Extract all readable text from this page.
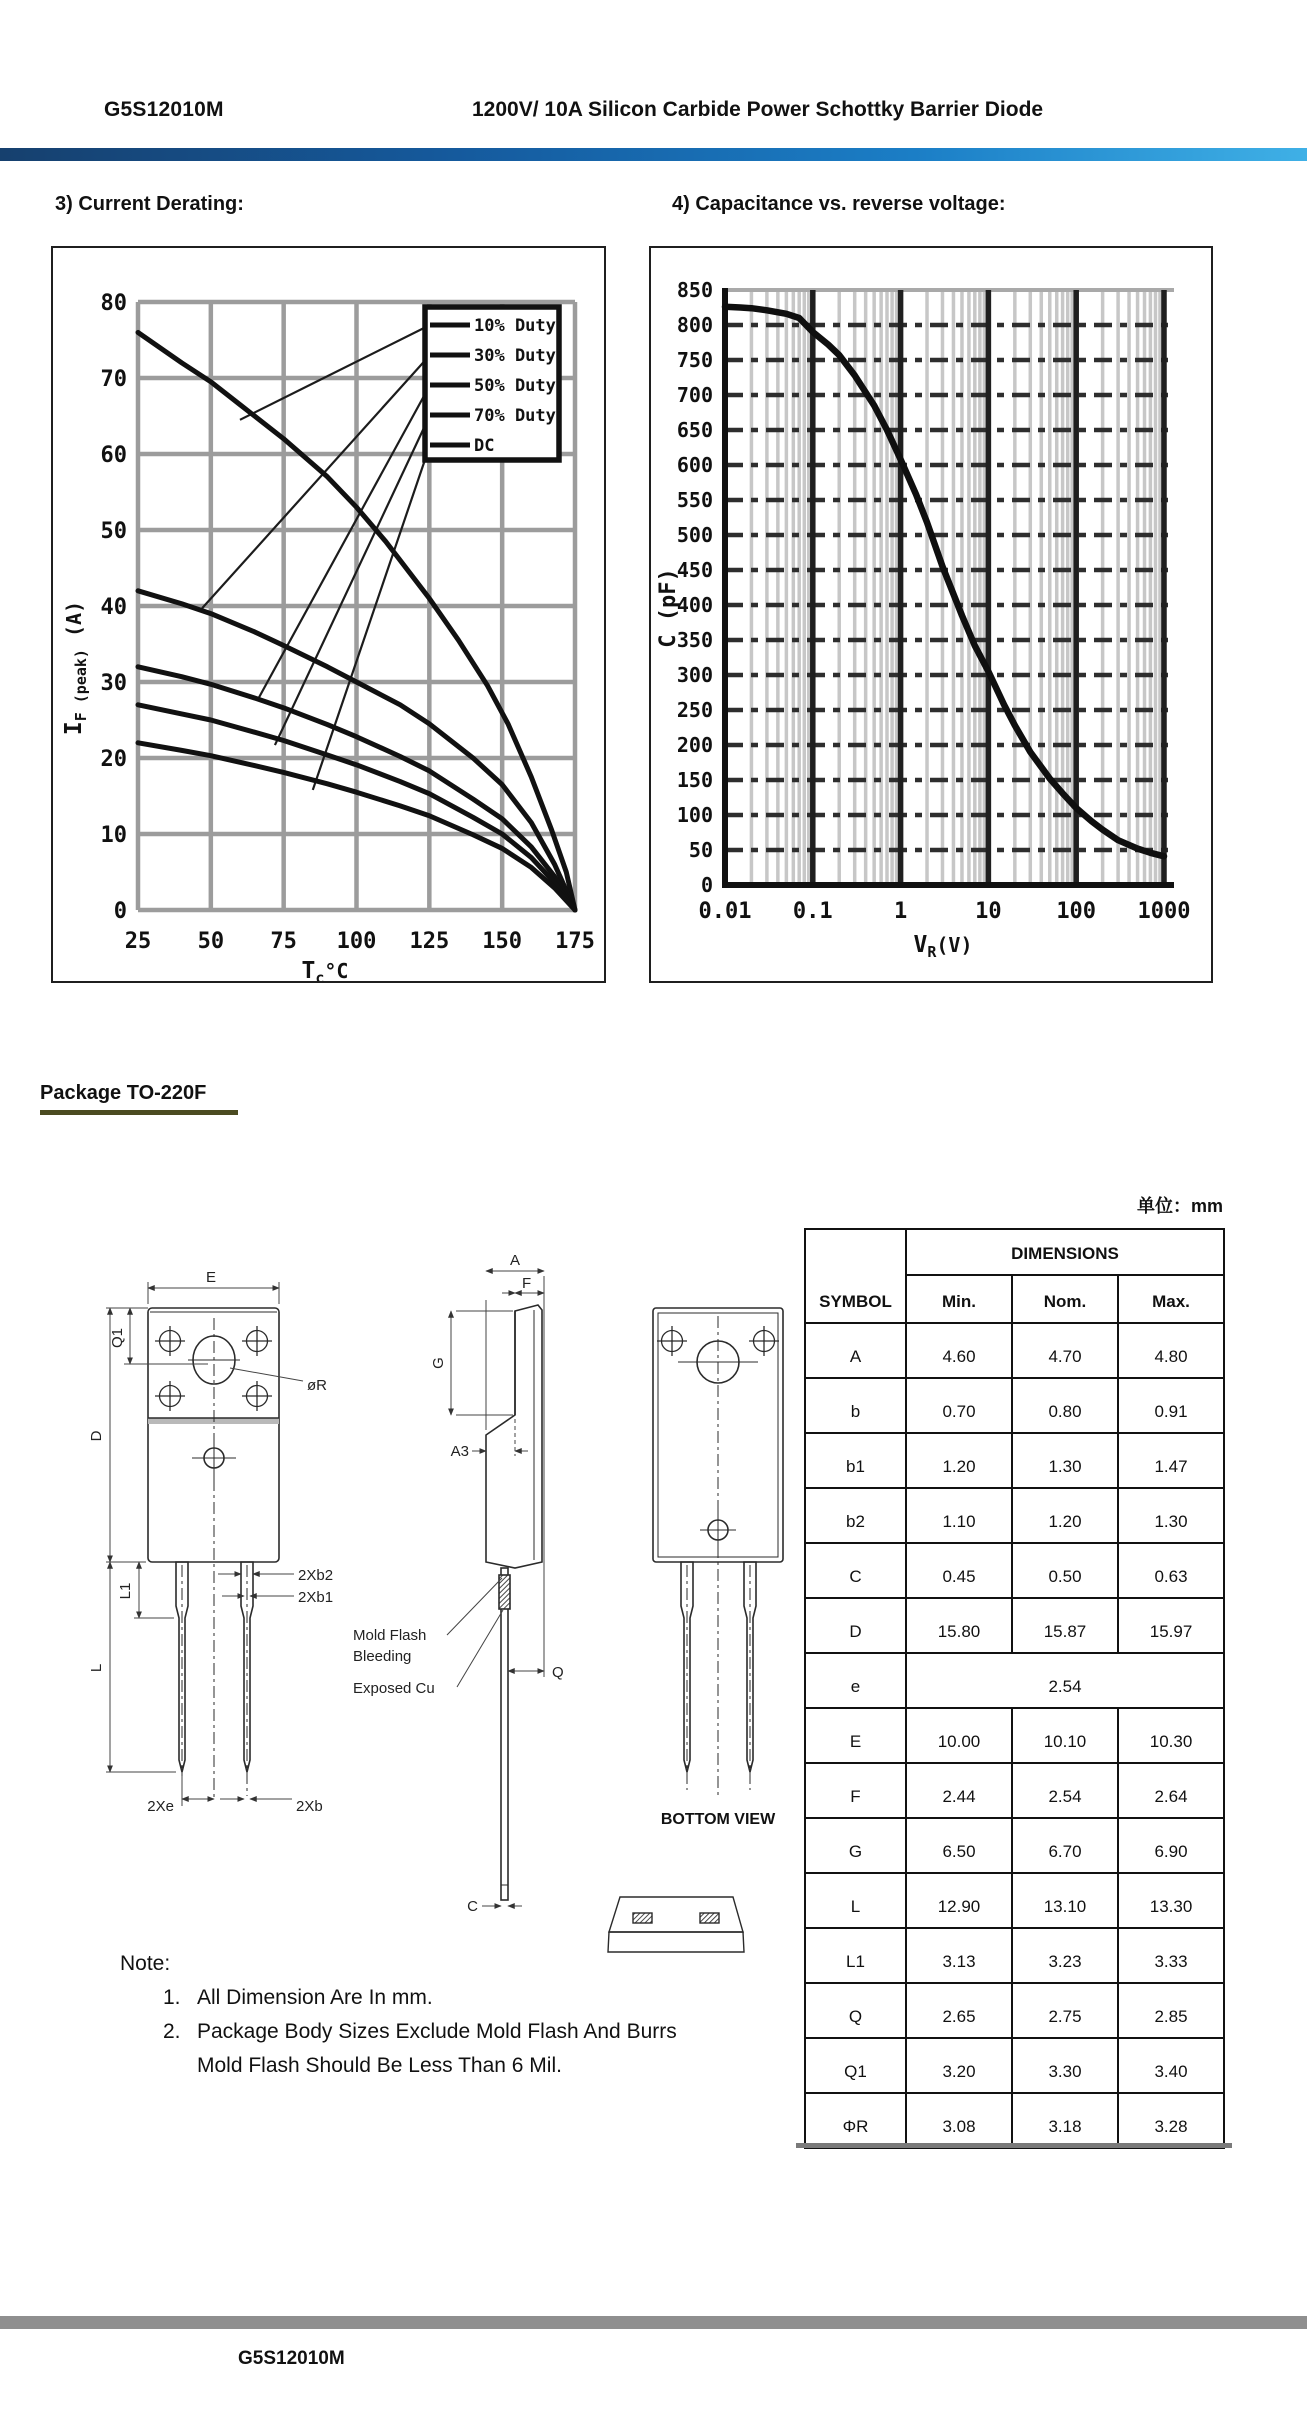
G5S12010M	1200V/ 10A Silicon Carbide Power Schottky Barrier Diode
3) Current Derating:	4) Capacitance vs. reverse voltage:
0
10
20
30
40
50
60
70
80
25 50 75 100 125 150 175
$T_c^\circ C$
$I_{F (peak)}$ (A)
10% Duty
30% Duty
50% Duty
70% Duty
DC
0
50
100
150
200
250
300
350
400
450
500
550
600
650
700
750
800
850
0.01 0.1	1	10 100 1000
$V_R(V)$
C (pF)
Package TO-220F
单位：mm
E
Q1
øR
D
L1
L
2Xb2
2Xb1
2Xe	2Xb
A
F
G
A3
Q
C
Mold Flash
Bleeding
Exposed Cu
BOTTOM VIEW
SYMBOL	DIMENSIONS		
	Min.	Nom.	Max.
A	4.60	4.70	4.80
b	0.70	0.80	0.91
b1	1.20	1.30	1.47
b2	1.10	1.20	1.30
C	0.45	0.50	0.63
D	15.80	15.87	15.97
e	2.54		
E	10.00	10.10	10.30
F	2.44	2.54	2.64
G	6.50	6.70	6.90
L	12.90	13.10	13.30
L1	3.13	3.23	3.33
Q	2.65	2.75	2.85
Q1	3.20	3.30	3.40
ΦR	3.08	3.18	3.28
Note:
1. All Dimension Are In mm.
2. Package Body Sizes Exclude Mold Flash And Burrs
Mold Flash Should Be Less Than 6 Mil.
G5S12010M
